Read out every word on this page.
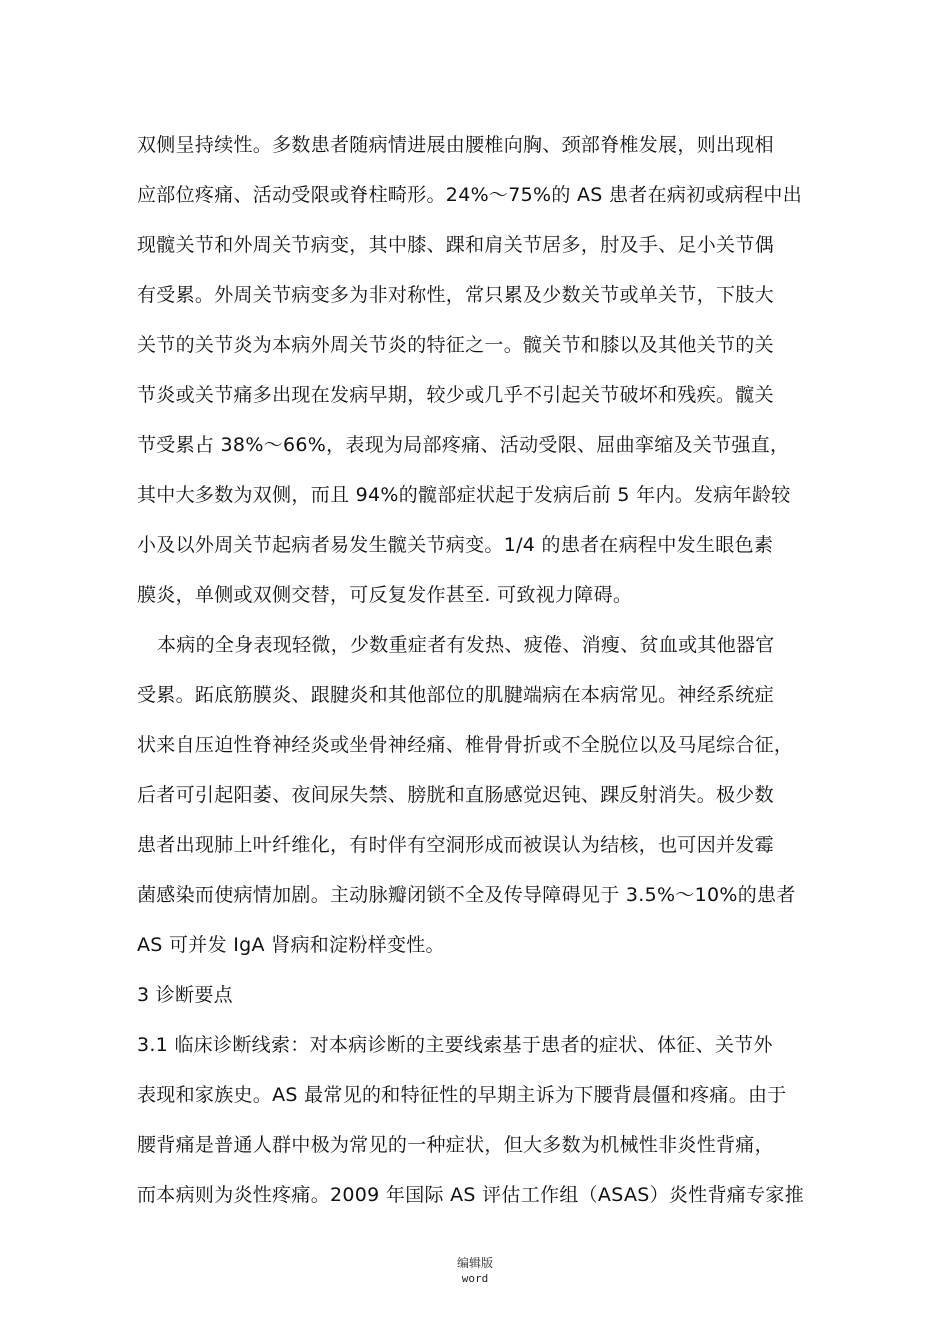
双侧呈持续性。多数患者随病情进展由腰椎向胸、颈部脊椎发展，则出现相
应部位疼痛、活动受限或脊柱畸形。24%～75%的 AS 患者在病初或病程中出
现髋关节和外周关节病变，其中膝、踝和肩关节居多，肘及手、足小关节偶
有受累。外周关节病变多为非对称性，常只累及少数关节或单关节，下肢大
关节的关节炎为本病外周关节炎的特征之一。髋关节和膝以及其他关节的关
节炎或关节痛多出现在发病早期，较少或几乎不引起关节破坏和残疾。髋关
节受累占 38%～66%，表现为局部疼痛、活动受限、屈曲挛缩及关节强直，
其中大多数为双侧，而且 94%的髋部症状起于发病后前 5 年内。发病年龄较
小及以外周关节起病者易发生髋关节病变。1/4 的患者在病程中发生眼色素
膜炎，单侧或双侧交替，可反复发作甚至. 可致视力障碍。
本病的全身表现轻微，少数重症者有发热、疲倦、消瘦、贫血或其他器官
受累。跖底筋膜炎、跟腱炎和其他部位的肌腱端病在本病常见。神经系统症
状来自压迫性脊神经炎或坐骨神经痛、椎骨骨折或不全脱位以及马尾综合征，
后者可引起阳萎、夜间尿失禁、膀胱和直肠感觉迟钝、踝反射消失。极少数
患者出现肺上叶纤维化，有时伴有空洞形成而被误认为结核，也可因并发霉
菌感染而使病情加剧。主动脉瓣闭锁不全及传导障碍见于 3.5%～10%的患者
AS 可并发 IgA 肾病和淀粉样变性。
3 诊断要点
3.1 临床诊断线索：对本病诊断的主要线索基于患者的症状、体征、关节外
表现和家族史。AS 最常见的和特征性的早期主诉为下腰背晨僵和疼痛。由于
腰背痛是普通人群中极为常见的一种症状，但大多数为机械性非炎性背痛，
而本病则为炎性疼痛。2009 年国际 AS 评估工作组（ASAS）炎性背痛专家推
编辑版
word
